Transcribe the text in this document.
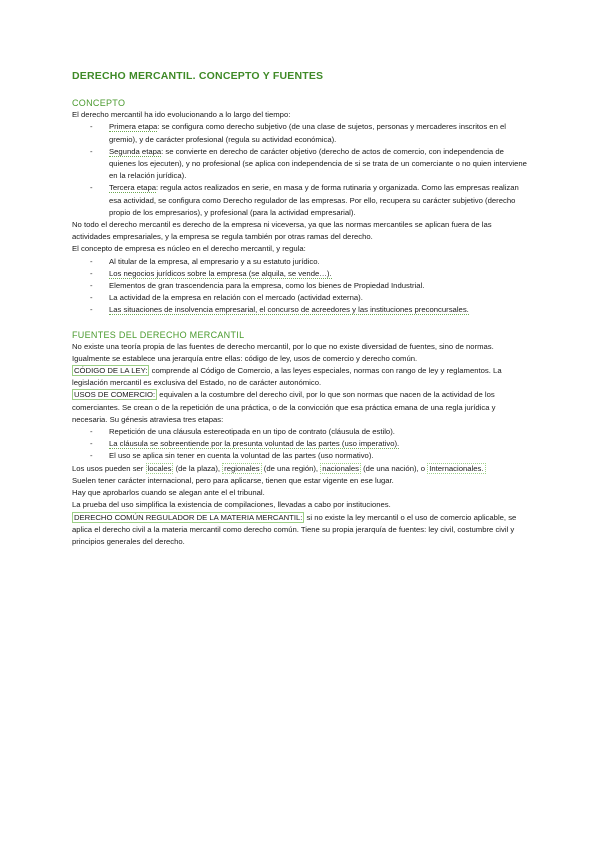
DERECHO MERCANTIL. CONCEPTO Y FUENTES

CONCEPTO

El derecho mercantil ha ido evolucionando a lo largo del tiempo:

- Primera etapa: se configura como derecho subjetivo (de una clase de sujetos, personas y mercaderes inscritos en el gremio), y de carácter profesional (regula su actividad económica).
- Segunda etapa: se convierte en derecho de carácter objetivo (derecho de actos de comercio, con independencia de quienes los ejecuten), y no profesional (se aplica con independencia de si se trata de un comerciante o no quien interviene en la relación jurídica).
- Tercera etapa: regula actos realizados en serie, en masa y de forma rutinaria y organizada. Como las empresas realizan esa actividad, se configura como Derecho regulador de las empresas. Por ello, recupera su carácter subjetivo (derecho propio de los empresarios), y profesional (para la actividad empresarial).

No todo el derecho mercantil es derecho de la empresa ni viceversa, ya que las normas mercantiles se aplican fuera de las actividades empresariales, y la empresa se regula también por otras ramas del derecho.

El concepto de empresa es núcleo en el derecho mercantil, y regula:

- Al titular de la empresa, al empresario y a su estatuto jurídico.
- Los negocios jurídicos sobre la empresa (se alquila, se vende…).
- Elementos de gran trascendencia para la empresa, como los bienes de Propiedad Industrial.
- La actividad de la empresa en relación con el mercado (actividad externa).
- Las situaciones de insolvencia empresarial, el concurso de acreedores y las instituciones preconcursales.

FUENTES DEL DERECHO MERCANTIL

No existe una teoría propia de las fuentes de derecho mercantil, por lo que no existe diversidad de fuentes, sino de normas. Igualmente se establece una jerarquía entre ellas: código de ley, usos de comercio y derecho común.

CÓDIGO DE LA LEY: comprende al Código de Comercio, a las leyes especiales, normas con rango de ley y reglamentos. La legislación mercantil es exclusiva del Estado, no de carácter autonómico.

USOS DE COMERCIO: equivalen a la costumbre del derecho civil, por lo que son normas que nacen de la actividad de los comerciantes. Se crean o de la repetición de una práctica, o de la convicción que esa práctica emana de una regla jurídica y necesaria. Su génesis atraviesa tres etapas:

- Repetición de una cláusula estereotipada en un tipo de contrato (cláusula de estilo).
- La cláusula se sobreentiende por la presunta voluntad de las partes (uso imperativo).
- El uso se aplica sin tener en cuenta la voluntad de las partes (uso normativo).

Los usos pueden ser locales (de la plaza), regionales (de una región), nacionales (de una nación), o Internacionales.

Suelen tener carácter internacional, pero para aplicarse, tienen que estar vigente en ese lugar.

Hay que aprobarlos cuando se alegan ante el el tribunal.

La prueba del uso simplifica la existencia de compilaciones, llevadas a cabo por instituciones.

DERECHO COMÚN REGULADOR DE LA MATERIA MERCANTIL: si no existe la ley mercantil o el uso de comercio aplicable, se aplica el derecho civil a la materia mercantil como derecho común. Tiene su propia jerarquía de fuentes: ley civil, costumbre civil y principios generales del derecho.
